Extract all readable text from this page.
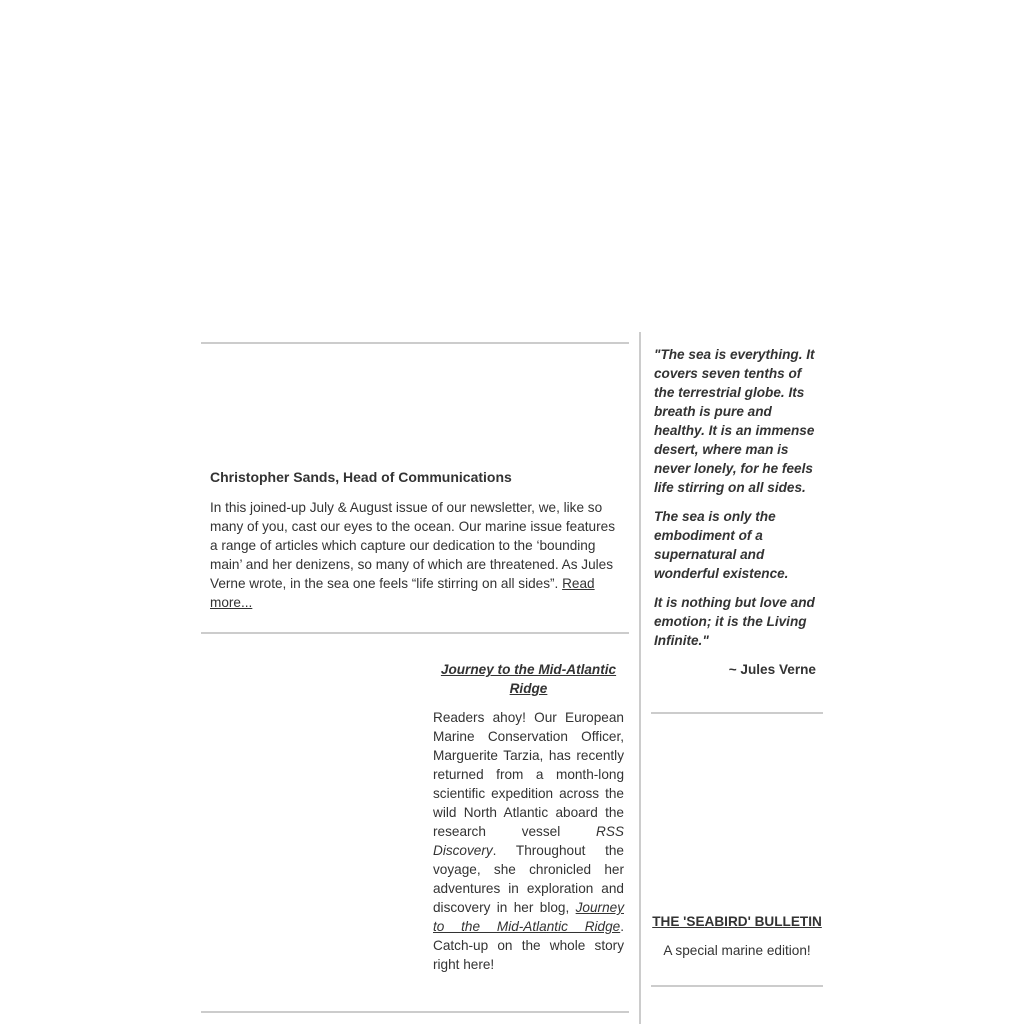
Christopher Sands, Head of Communications
In this joined-up July & August issue of our newsletter, we, like so many of you, cast our eyes to the ocean. Our marine issue features a range of articles which capture our dedication to the ‘bounding main’ and her denizens, so many of which are threatened. As Jules Verne wrote, in the sea one feels “life stirring on all sides”. Read more...
Journey to the Mid-Atlantic Ridge
Readers ahoy! Our European Marine Conservation Officer, Marguerite Tarzia, has recently returned from a month-long scientific expedition across the wild North Atlantic aboard the research vessel RSS Discovery. Throughout the voyage, she chronicled her adventures in exploration and discovery in her blog, Journey to the Mid-Atlantic Ridge. Catch-up on the whole story right here!

"The sea is everything. It covers seven tenths of the terrestrial globe. Its breath is pure and healthy. It is an immense desert, where man is never lonely, for he feels life stirring on all sides.

The sea is only the embodiment of a supernatural and wonderful existence.

It is nothing but love and emotion; it is the Living Infinite."

~ Jules Verne
THE 'SEABIRD' BULLETIN
A special marine edition!
